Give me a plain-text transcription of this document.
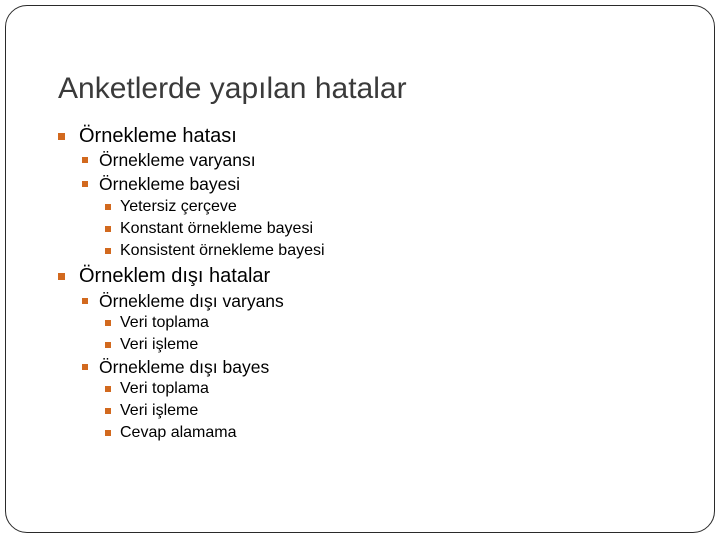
Anketlerde yapılan hatalar
Örnekleme hatası
Örnekleme varyansı
Örnekleme bayesi
Yetersiz çerçeve
Konstant örnekleme bayesi
Konsistent örnekleme bayesi
Örneklem dışı hatalar
Örnekleme dışı varyans
Veri toplama
Veri işleme
Örnekleme dışı bayes
Veri toplama
Veri işleme
Cevap alamama
